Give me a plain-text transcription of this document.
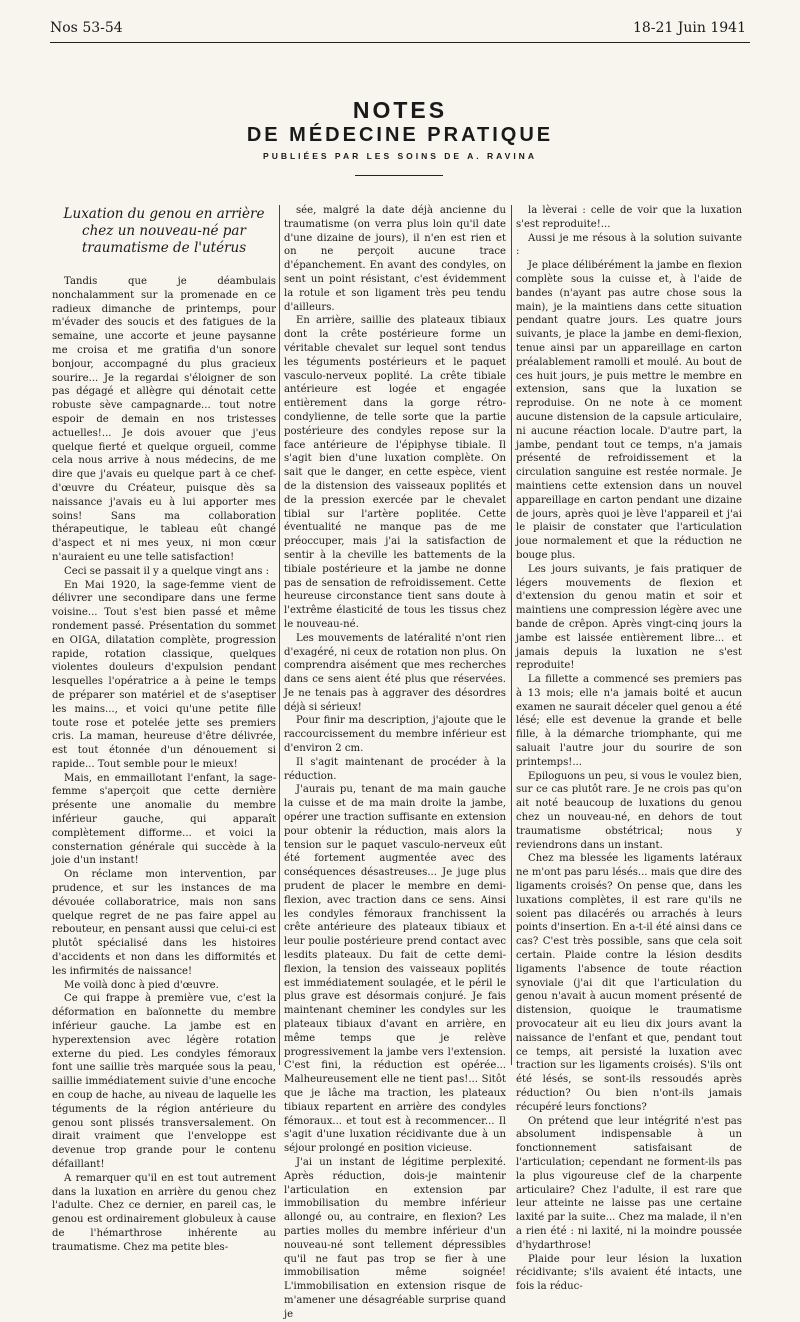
Nos 53-54	18-21 Juin 1941
NOTES
DE MÉDECINE PRATIQUE
PUBLIÉES PAR LES SOINS DE A. RAVINA
Luxation du genou en arrière chez un nouveau-né par traumatisme de l'utérus

Tandis que je déambulais nonchalamment sur la promenade en ce radieux dimanche de printemps, pour m'évader des soucis et des fatigues de la semaine, une accorte et jeune paysanne me croisa et me gratifia d'un sonore bonjour, accompagné du plus gracieux sourire... Je la regardai s'éloigner de son pas dégagé et allègre qui dénotait cette robuste sève campagnarde... tout notre espoir de demain en nos tristesses actuelles!... Je dois avouer que j'eus quelque fierté et quelque orgueil, comme cela nous arrive à nous médecins, de me dire que j'avais eu quelque part à ce chef-d'œuvre du Créateur, puisque dès sa naissance j'avais eu à lui apporter mes soins! Sans ma collaboration thérapeutique, le tableau eût changé d'aspect et ni mes yeux, ni mon cœur n'auraient eu une telle satisfaction!

Ceci se passait il y a quelque vingt ans :

En Mai 1920, la sage-femme vient de délivrer une secondipare dans une ferme voisine... Tout s'est bien passé et même rondement passé. Présentation du sommet en OIGA, dilatation complète, progression rapide, rotation classique, quelques violentes douleurs d'expulsion pendant lesquelles l'opératrice a à peine le temps de préparer son matériel et de s'aseptiser les mains..., et voici qu'une petite fille toute rose et potelée jette ses premiers cris. La maman, heureuse d'être délivrée, est tout étonnée d'un dénouement si rapide... Tout semble pour le mieux!

Mais, en emmaillotant l'enfant, la sage-femme s'aperçoit que cette dernière présente une anomalie du membre inférieur gauche, qui apparaît complètement difforme... et voici la consternation générale qui succède à la joie d'un instant!

On réclame mon intervention, par prudence, et sur les instances de ma dévouée collaboratrice, mais non sans quelque regret de ne pas faire appel au rebouteur, en pensant aussi que celui-ci est plutôt spécialisé dans les histoires d'accidents et non dans les difformités et les infirmités de naissance!

Me voilà donc à pied d'œuvre.

Ce qui frappe à première vue, c'est la déformation en baïonnette du membre inférieur gauche. La jambe est en hyperextension avec légère rotation externe du pied. Les condyles fémoraux font une saillie très marquée sous la peau, saillie immédiatement suivie d'une encoche en coup de hache, au niveau de laquelle les téguments de la région antérieure du genou sont plissés transversalement. On dirait vraiment que l'enveloppe est devenue trop grande pour le contenu défaillant!

A remarquer qu'il en est tout autrement dans la luxation en arrière du genou chez l'adulte. Chez ce dernier, en pareil cas, le genou est ordinairement globuleux à cause de l'hémarthrose inhérente au traumatisme. Chez ma petite bles-

sée, malgré la date déjà ancienne du traumatisme (on verra plus loin qu'il date d'une dizaine de jours), il n'en est rien et on ne perçoit aucune trace d'épanchement. En avant des condyles, on sent un point résistant, c'est évidemment la rotule et son ligament très peu tendu d'ailleurs.

En arrière, saillie des plateaux tibiaux dont la crête postérieure forme un véritable chevalet sur lequel sont tendus les téguments postérieurs et le paquet vasculo-nerveux poplité. La crête tibiale antérieure est logée et engagée entièrement dans la gorge rétro-condylienne, de telle sorte que la partie postérieure des condyles repose sur la face antérieure de l'épiphyse tibiale. Il s'agit bien d'une luxation complète. On sait que le danger, en cette espèce, vient de la distension des vaisseaux poplités et de la pression exercée par le chevalet tibial sur l'artère poplitée. Cette éventualité ne manque pas de me préoccuper, mais j'ai la satisfaction de sentir à la cheville les battements de la tibiale postérieure et la jambe ne donne pas de sensation de refroidissement. Cette heureuse circonstance tient sans doute à l'extrême élasticité de tous les tissus chez le nouveau-né.

Les mouvements de latéralité n'ont rien d'exagéré, ni ceux de rotation non plus. On comprendra aisément que mes recherches dans ce sens aient été plus que réservées. Je ne tenais pas à aggraver des désordres déjà si sérieux!

Pour finir ma description, j'ajoute que le raccourcissement du membre inférieur est d'environ 2 cm.

Il s'agit maintenant de procéder à la réduction.

J'aurais pu, tenant de ma main gauche la cuisse et de ma main droite la jambe, opérer une traction suffisante en extension pour obtenir la réduction, mais alors la tension sur le paquet vasculo-nerveux eût été fortement augmentée avec des conséquences désastreuses... Je juge plus prudent de placer le membre en demi-flexion, avec traction dans ce sens. Ainsi les condyles fémoraux franchissent la crête antérieure des plateaux tibiaux et leur poulie postérieure prend contact avec lesdits plateaux. Du fait de cette demi-flexion, la tension des vaisseaux poplités est immédiatement soulagée, et le péril le plus grave est désormais conjuré. Je fais maintenant cheminer les condyles sur les plateaux tibiaux d'avant en arrière, en même temps que je relève progressivement la jambe vers l'extension. C'est fini, la réduction est opérée... Malheureusement elle ne tient pas!... Sitôt que je lâche ma traction, les plateaux tibiaux repartent en arrière des condyles fémoraux... et tout est à recommencer... Il s'agit d'une luxation récidivante due à un séjour prolongé en position vicieuse.

J'ai un instant de légitime perplexité. Après réduction, dois-je maintenir l'articulation en extension par immobilisation du membre inférieur allongé ou, au contraire, en flexion? Les parties molles du membre inférieur d'un nouveau-né sont tellement dépressibles qu'il ne faut pas trop se fier à une immobilisation même soignée! L'immobilisation en extension risque de m'amener une désagréable surprise quand je

la lèverai : celle de voir que la luxation s'est reproduite!...

Aussi je me résous à la solution suivante :

Je place délibérément la jambe en flexion complète sous la cuisse et, à l'aide de bandes (n'ayant pas autre chose sous la main), je la maintiens dans cette situation pendant quatre jours. Les quatre jours suivants, je place la jambe en demi-flexion, tenue ainsi par un appareillage en carton préalablement ramolli et moulé. Au bout de ces huit jours, je puis mettre le membre en extension, sans que la luxation se reproduise. On ne note à ce moment aucune distension de la capsule articulaire, ni aucune réaction locale. D'autre part, la jambe, pendant tout ce temps, n'a jamais présenté de refroidissement et la circulation sanguine est restée normale. Je maintiens cette extension dans un nouvel appareillage en carton pendant une dizaine de jours, après quoi je lève l'appareil et j'ai le plaisir de constater que l'articulation joue normalement et que la réduction ne bouge plus.

Les jours suivants, je fais pratiquer de légers mouvements de flexion et d'extension du genou matin et soir et maintiens une compression légère avec une bande de crêpon. Après vingt-cinq jours la jambe est laissée entièrement libre... et jamais depuis la luxation ne s'est reproduite!

La fillette a commencé ses premiers pas à 13 mois; elle n'a jamais boité et aucun examen ne saurait déceler quel genou a été lésé; elle est devenue la grande et belle fille, à la démarche triomphante, qui me saluait l'autre jour du sourire de son printemps!...

Epiloguons un peu, si vous le voulez bien, sur ce cas plutôt rare. Je ne crois pas qu'on ait noté beaucoup de luxations du genou chez un nouveau-né, en dehors de tout traumatisme obstétrical; nous y reviendrons dans un instant.

Chez ma blessée les ligaments latéraux ne m'ont pas paru lésés... mais que dire des ligaments croisés? On pense que, dans les luxations complètes, il est rare qu'ils ne soient pas dilacérés ou arrachés à leurs points d'insertion. En a-t-il été ainsi dans ce cas? C'est très possible, sans que cela soit certain. Plaide contre la lésion desdits ligaments l'absence de toute réaction synoviale (j'ai dit que l'articulation du genou n'avait à aucun moment présenté de distension, quoique le traumatisme provocateur ait eu lieu dix jours avant la naissance de l'enfant et que, pendant tout ce temps, ait persisté la luxation avec traction sur les ligaments croisés). S'ils ont été lésés, se sont-ils ressoudés après réduction? Ou bien n'ont-ils jamais récupéré leurs fonctions?

On prétend que leur intégrité n'est pas absolument indispensable à un fonctionnement satisfaisant de l'articulation; cependant ne forment-ils pas la plus vigoureuse clef de la charpente articulaire? Chez l'adulte, il est rare que leur atteinte ne laisse pas une certaine laxité par la suite... Chez ma malade, il n'en a rien été : ni laxité, ni la moindre poussée d'hydarthrose!

Plaide pour leur lésion la luxation récidivante; s'ils avaient été intacts, une fois la réduc-
